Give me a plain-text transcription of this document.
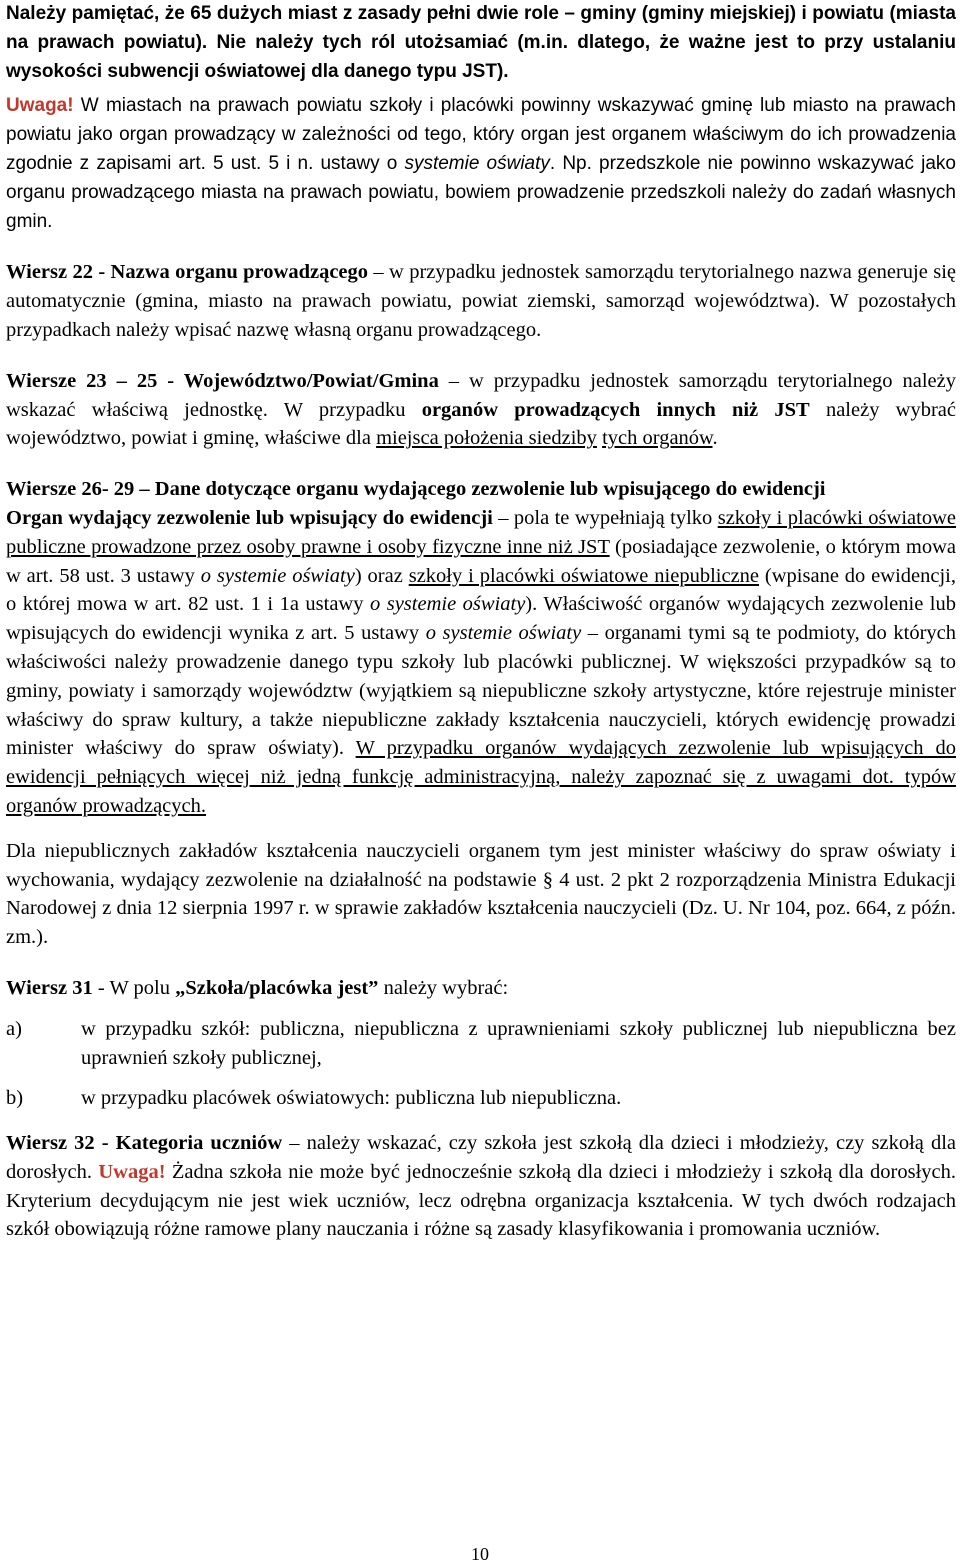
Należy pamiętać, że 65 dużych miast z zasady pełni dwie role – gminy (gminy miejskiej) i powiatu (miasta na prawach powiatu). Nie należy tych ról utożsamiać (m.in. dlatego, że ważne jest to przy ustalaniu wysokości subwencji oświatowej dla danego typu JST).

Uwaga! W miastach na prawach powiatu szkoły i placówki powinny wskazywać gminę lub miasto na prawach powiatu jako organ prowadzący w zależności od tego, który organ jest organem właściwym do ich prowadzenia zgodnie z zapisami art. 5 ust. 5 i n. ustawy o systemie oświaty. Np. przedszkole nie powinno wskazywać jako organu prowadzącego miasta na prawach powiatu, bowiem prowadzenie przedszkoli należy do zadań własnych gmin.

Wiersz 22 - Nazwa organu prowadzącego – w przypadku jednostek samorządu terytorialnego nazwa generuje się automatycznie (gmina, miasto na prawach powiatu, powiat ziemski, samorząd województwa). W pozostałych przypadkach należy wpisać nazwę własną organu prowadzącego.

Wiersze 23 – 25 - Województwo/Powiat/Gmina – w przypadku jednostek samorządu terytorialnego należy wskazać właściwą jednostkę. W przypadku organów prowadzących innych niż JST należy wybrać województwo, powiat i gminę, właściwe dla miejsca położenia siedziby tych organów.

Wiersze 26- 29 – Dane dotyczące organu wydającego zezwolenie lub wpisującego do ewidencji

Organ wydający zezwolenie lub wpisujący do ewidencji – pola te wypełniają tylko szkoły i placówki oświatowe publiczne prowadzone przez osoby prawne i osoby fizyczne inne niż JST (posiadające zezwolenie, o którym mowa w art. 58 ust. 3 ustawy o systemie oświaty) oraz szkoły i placówki oświatowe niepubliczne (wpisane do ewidencji, o której mowa w art. 82 ust. 1 i 1a ustawy o systemie oświaty). Właściwość organów wydających zezwolenie lub wpisujących do ewidencji wynika z art. 5 ustawy o systemie oświaty – organami tymi są te podmioty, do których właściwości należy prowadzenie danego typu szkoły lub placówki publicznej. W większości przypadków są to gminy, powiaty i samorządy województw (wyjątkiem są niepubliczne szkoły artystyczne, które rejestruje minister właściwy do spraw kultury, a także niepubliczne zakłady kształcenia nauczycieli, których ewidencję prowadzi minister właściwy do spraw oświaty). W przypadku organów wydających zezwolenie lub wpisujących do ewidencji pełniących więcej niż jedną funkcję administracyjną, należy zapoznać się z uwagami dot. typów organów prowadzących.

Dla niepublicznych zakładów kształcenia nauczycieli organem tym jest minister właściwy do spraw oświaty i wychowania, wydający zezwolenie na działalność na podstawie § 4 ust. 2 pkt 2 rozporządzenia Ministra Edukacji Narodowej z dnia 12 sierpnia 1997 r. w sprawie zakładów kształcenia nauczycieli (Dz. U. Nr 104, poz. 664, z późn. zm.).

Wiersz 31 - W polu „Szkoła/placówka jest” należy wybrać:

a)	w przypadku szkół: publiczna, niepubliczna z uprawnieniami szkoły publicznej lub niepubliczna bez uprawnień szkoły publicznej,
b)	w przypadku placówek oświatowych: publiczna lub niepubliczna.

Wiersz 32 - Kategoria uczniów – należy wskazać, czy szkoła jest szkołą dla dzieci i młodzieży, czy szkołą dla dorosłych. Uwaga! Żadna szkoła nie może być jednocześnie szkołą dla dzieci i młodzieży i szkołą dla dorosłych. Kryterium decydującym nie jest wiek uczniów, lecz odrębna organizacja kształcenia. W tych dwóch rodzajach szkół obowiązują różne ramowe plany nauczania i różne są zasady klasyfikowania i promowania uczniów.

10
